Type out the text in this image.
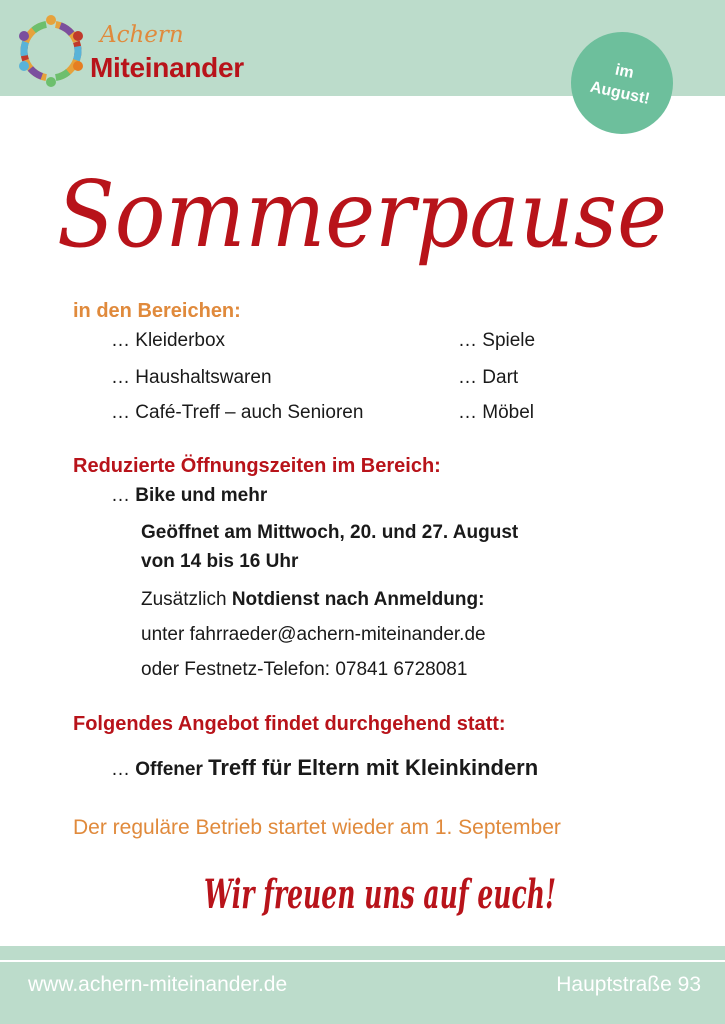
Achern
Miteinander	im
August!
Sommerpause
in den Bereichen:
… Kleiderbox
… Haushaltswaren
… Café-Treff – auch Senioren
… Spiele
… Dart
… Möbel
Reduzierte Öffnungszeiten im Bereich:
… Bike und mehr
Geöffnet am Mittwoch, 20. und 27. August
von 14 bis 16 Uhr
Zusätzlich Notdienst nach Anmeldung:
unter fahrraeder@achern-miteinander.de
oder Festnetz-Telefon: 07841 6728081
Folgendes Angebot findet durchgehend statt:
… Offener Treff für Eltern mit Kleinkindern
Der reguläre Betrieb startet wieder am 1. September
Wir freuen uns auf euch!
www.achern-miteinander.de	Hauptstraße 93
